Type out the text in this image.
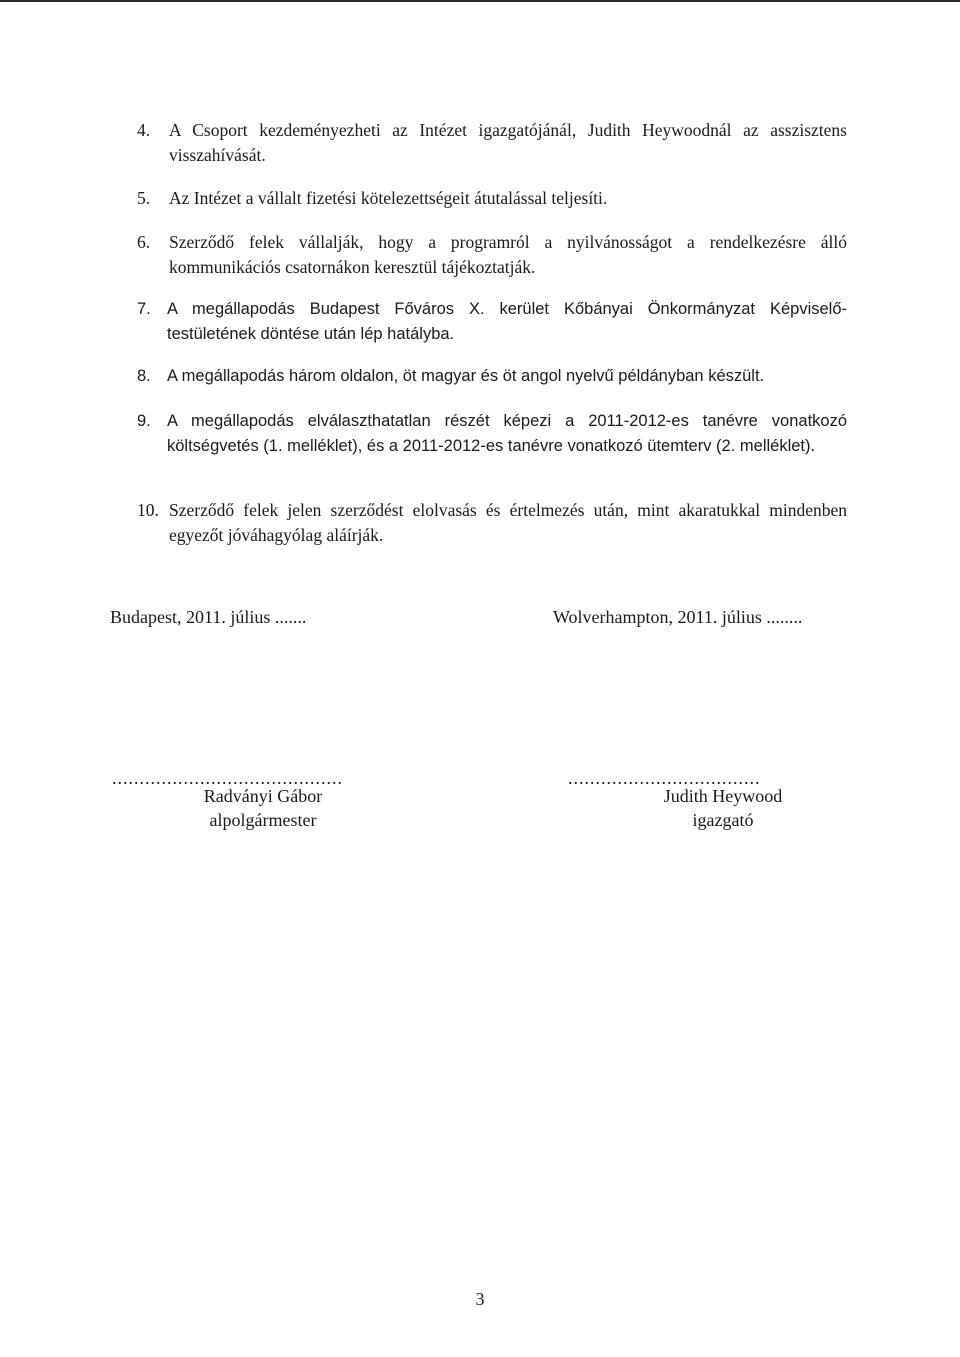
4. A Csoport kezdeményezheti az Intézet igazgatójánál, Judith Heywoodnál az asszisztens visszahívását.
5. Az Intézet a vállalt fizetési kötelezettségeit átutalással teljesíti.
6. Szerződő felek vállalják, hogy a programról a nyilvánosságot a rendelkezésre álló kommunikációs csatornákon keresztül tájékoztatják.
7. A megállapodás Budapest Főváros X. kerület Kőbányai Önkormányzat Képviselő-testületének döntése után lép hatályba.
8. A megállapodás három oldalon, öt magyar és öt angol nyelvű példányban készült.
9. A megállapodás elválaszthatatlan részét képezi a 2011-2012-es tanévre vonatkozó költségvetés (1. melléklet), és a 2011-2012-es tanévre vonatkozó ütemterv (2. melléklet).
10. Szerződő felek jelen szerződést elolvasás és értelmezés után, mint akaratukkal mindenben egyezőt jóváhagyólag aláírják.
Budapest, 2011. július .......	Wolverhampton, 2011. július ........
..........................................	...................................
Radványi Gábor
alpolgármester
Judith Heywood
igazgató
3
